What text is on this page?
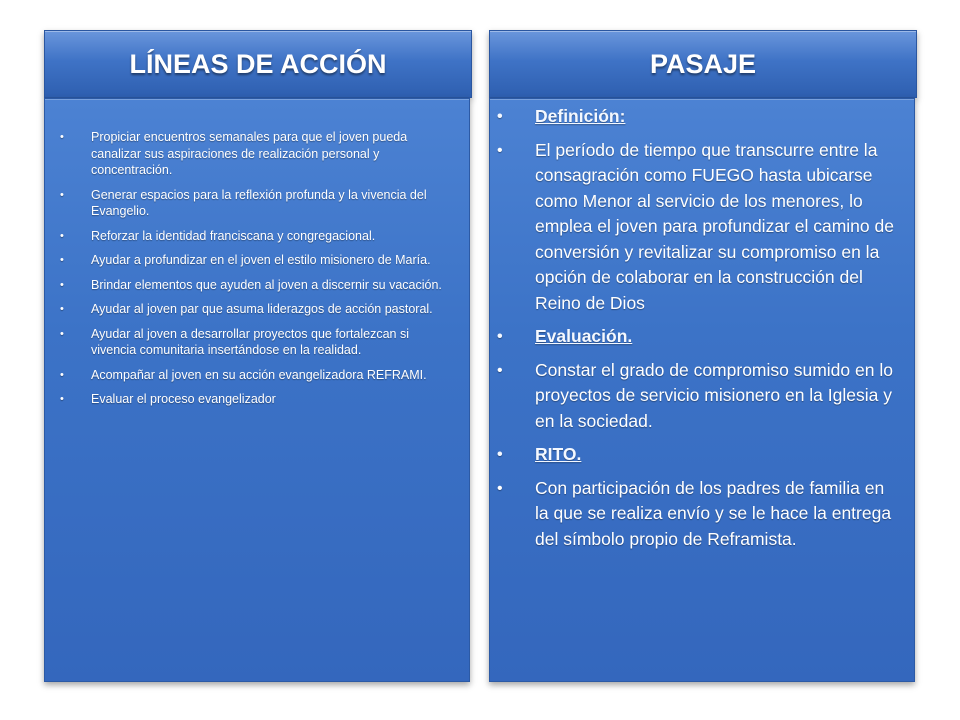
LÍNEAS DE ACCIÓN	PASAJE
• Propiciar encuentros semanales para que el joven pueda canalizar sus aspiraciones de realización personal y concentración.
• Generar espacios para la reflexión profunda y la vivencia del Evangelio.
• Reforzar la identidad franciscana y congregacional.
• Ayudar a profundizar en el joven el estilo misionero de María.
• Brindar elementos que ayuden al joven a discernir su vacación.
• Ayudar al joven par que asuma liderazgos de acción pastoral.
• Ayudar al joven a desarrollar proyectos que fortalezcan si vivencia comunitaria insertándose en la realidad.
• Acompañar al joven en su acción evangelizadora REFRAMI.
• Evaluar el proceso evangelizador
• Definición:
• El período de tiempo que transcurre entre la consagración como FUEGO hasta ubicarse como Menor al servicio de los menores, lo emplea el joven para profundizar el camino de conversión y revitalizar su compromiso en la opción de colaborar en la construcción del Reino de Dios
• Evaluación.
• Constar el grado de compromiso sumido en lo proyectos de servicio misionero en la Iglesia y en la sociedad.
• RITO.
• Con participación de los padres de familia en la que se realiza envío y se le hace la entrega del símbolo propio de Reframista.
